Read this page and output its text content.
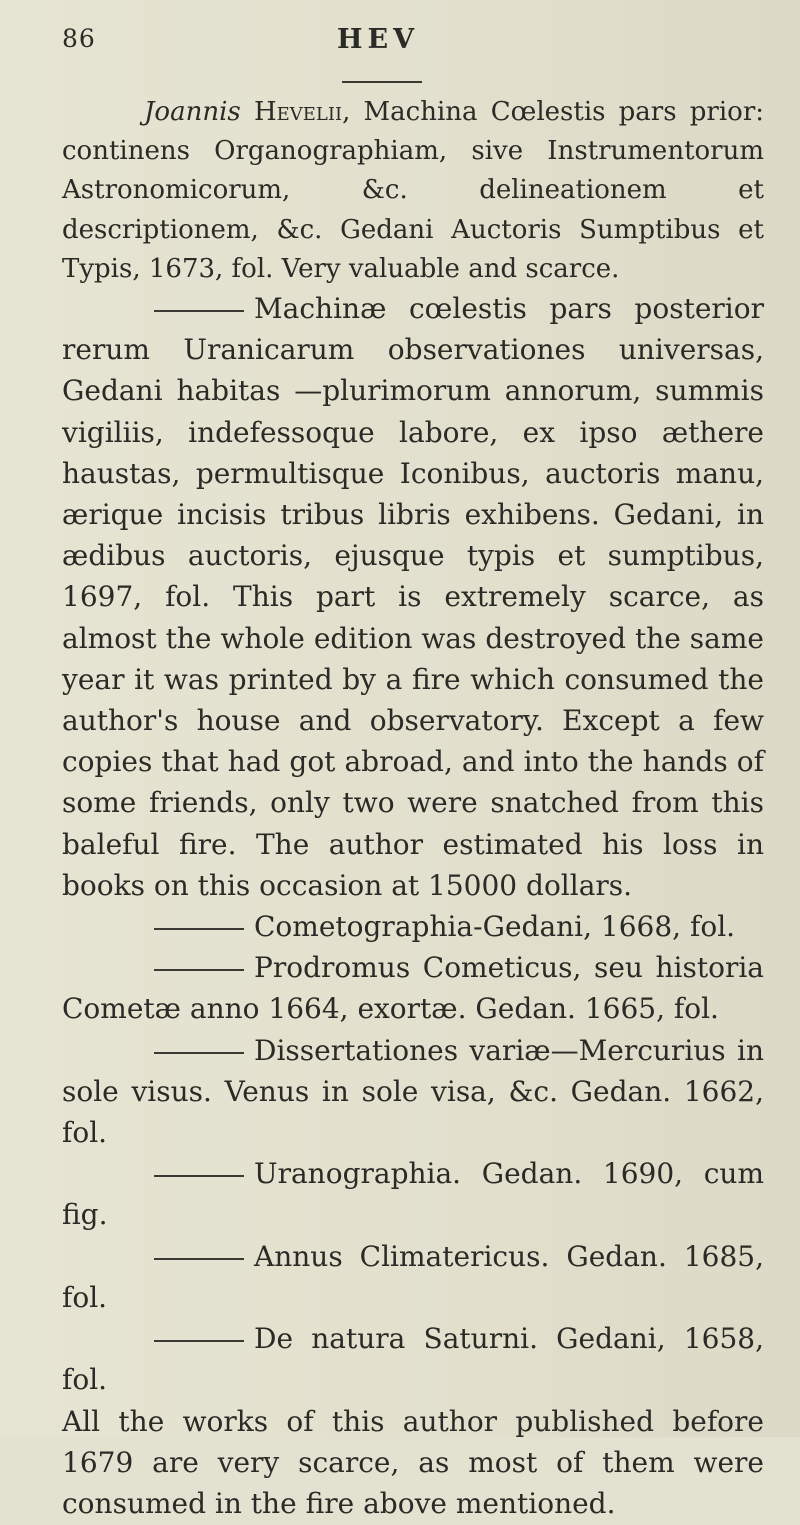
86	HEV

Joannis Hevelii, Machina Cœlestis pars prior: continens Organographiam, sive Instrumentorum Astronomicorum, &c. delineationem et descriptionem, &c. Gedani Auctoris Sumptibus et Typis, 1673, fol. Very valuable and scarce.

Machinæ cœlestis pars posterior rerum Uranicarum observationes universas, Gedani habitas —plurimorum annorum, summis vigiliis, indefessoque labore, ex ipso æthere haustas, permultisque Iconibus, auctoris manu, ærique incisis tribus libris exhibens. Gedani, in ædibus auctoris, ejusque typis et sumptibus, 1697, fol. This part is extremely scarce, as almost the whole edition was destroyed the same year it was printed by a fire which consumed the author's house and observatory. Except a few copies that had got abroad, and into the hands of some friends, only two were snatched from this baleful fire. The author estimated his loss in books on this occasion at 15000 dollars.

Cometographia-Gedani, 1668, fol.

Prodromus Cometicus, seu historia Cometæ anno 1664, exortæ. Gedan. 1665, fol.

Dissertationes variæ—Mercurius in sole visus. Venus in sole visa, &c. Gedan. 1662, fol.

Uranographia. Gedan. 1690, cum fig.

Annus Climatericus. Gedan. 1685, fol.

De natura Saturni. Gedani, 1658, fol.

All the works of this author published before 1679 are very scarce, as most of them were consumed in the fire above mentioned.
